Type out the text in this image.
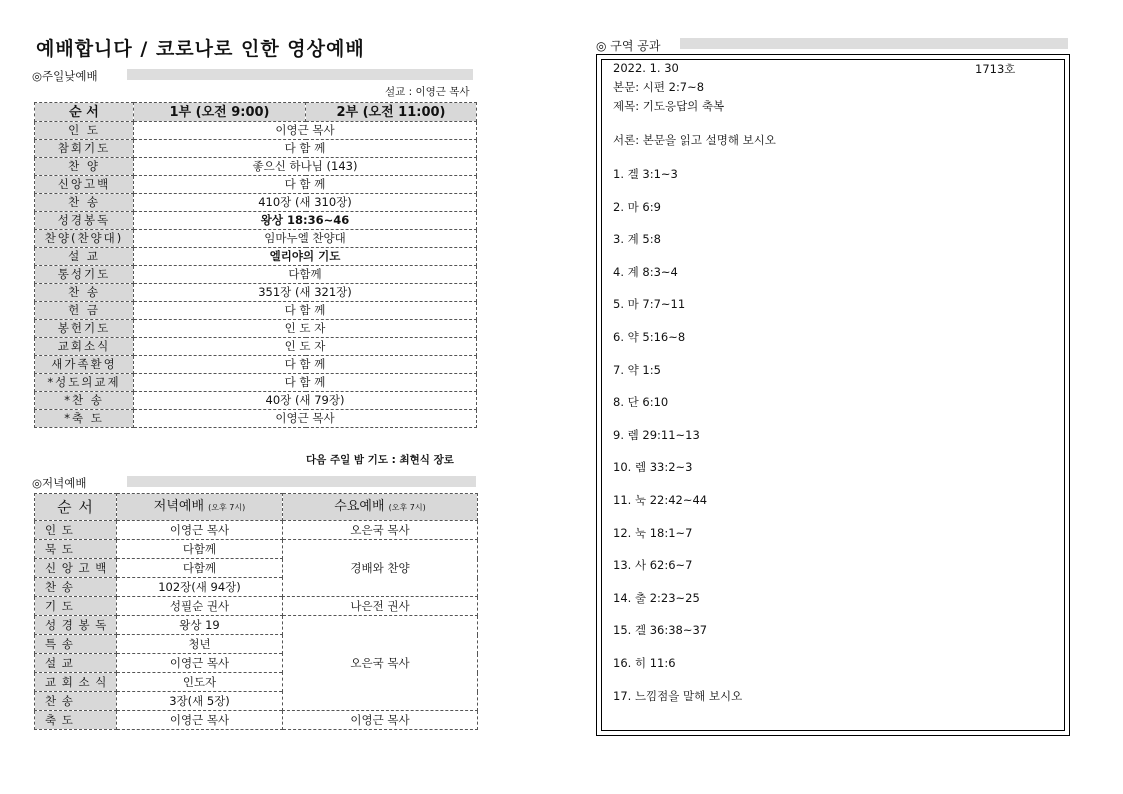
예배합니다 / 코로나로 인한 영상예배
◎주일낮예배
설교 : 이영근 목사
순 서	1부 (오전 9:00)	2부 (오전 11:00)
인 도	이영근 목사	
참회기도	다 함 께	
찬 양	좋으신 하나님 (143)	
신앙고백	다 함 께	
찬 송	410장 (새 310장)	
성경봉독	왕상 18:36~46	
찬양(찬양대)	임마누엘 찬양대	
설 교	엘리야의 기도	
통성기도	다함께	
찬 송	351장 (새 321장)	
헌 금	다 함 께	
봉헌기도	인 도 자	
교회소식	인 도 자	
새가족환영	다 함 께	
*성도의교제	다 함 께	
*찬 송	40장 (새 79장)	
*축 도	이영근 목사	
다음 주일 밤 기도 : 최현식 장로
◎저녁예배
순 서	저녁예배 (오후 7시)	수요예배 (오후 7시)
인 도	이영근 목사	오은국 목사
묵 도	다함께	경배와 찬양
신 앙 고 백	다함께	
찬 송	102장(새 94장)	
기 도	성필순 권사	나은전 권사
성 경 봉 독	왕상 19	오은국 목사
특 송	청년	
설 교	이영근 목사	
교 회 소 식	인도자	
찬 송	3장(새 5장)	
축 도	이영근 목사	이영근 목사
◎ 구역 공과
2022. 1. 30	1713호
본문: 시편 2:7~8
제목: 기도응답의 축복
서론: 본문을 읽고 설명해 보시오
1. 겔 3:1~3
2. 마 6:9
3. 계 5:8
4. 계 8:3~4
5. 마 7:7~11
6. 약 5:16~8
7. 약 1:5
8. 단 6:10
9. 렘 29:11~13
10. 렘 33:2~3
11. 눅 22:42~44
12. 눅 18:1~7
13. 사 62:6~7
14. 출 2:23~25
15. 겔 36:38~37
16. 히 11:6
17. 느낌점을 말해 보시오
